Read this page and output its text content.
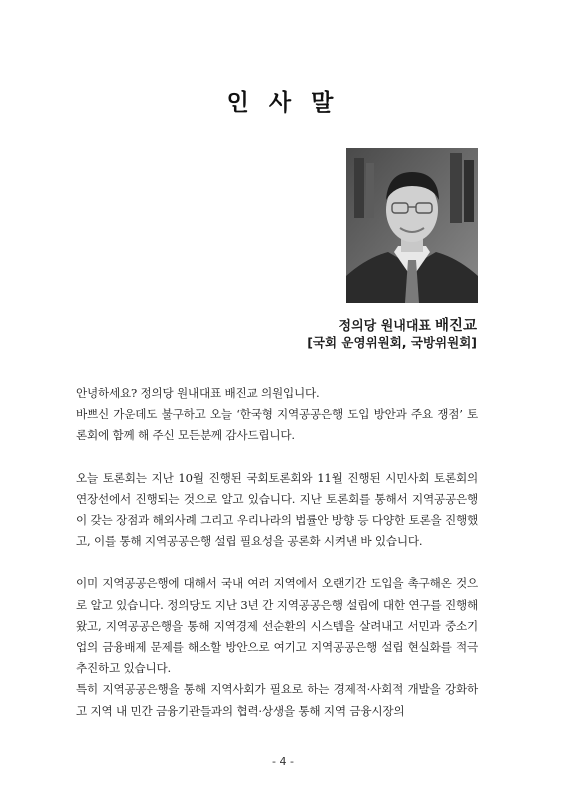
인 사 말
정의당 원내대표 배진교
[국회 운영위원회, 국방위원회]

안녕하세요? 정의당 원내대표 배진교 의원입니다.

바쁘신 가운데도 불구하고 오늘 ‘한국형 지역공공은행 도입 방안과 주요 쟁점’ 토론회에 함께 해 주신 모든분께 감사드립니다.

오늘 토론회는 지난 10월 진행된 국회토론회와 11월 진행된 시민사회 토론회의 연장선에서 진행되는 것으로 알고 있습니다. 지난 토론회를 통해서 지역공공은행이 갖는 장점과 해외사례 그리고 우리나라의 법률안 방향 등 다양한 토론을 진행했고, 이를 통해 지역공공은행 설립 필요성을 공론화 시켜낸 바 있습니다.

이미 지역공공은행에 대해서 국내 여러 지역에서 오랜기간 도입을 촉구해온 것으로 알고 있습니다. 정의당도 지난 3년 간 지역공공은행 설립에 대한 연구를 진행해왔고, 지역공공은행을 통해 지역경제 선순환의 시스템을 살려내고 서민과 중소기업의 금융배제 문제를 해소할 방안으로 여기고 지역공공은행 설립 현실화를 적극 추진하고 있습니다.

특히 지역공공은행을 통해 지역사회가 필요로 하는 경제적·사회적 개발을 강화하고 지역 내 민간 금융기관들과의 협력·상생을 통해 지역 금융시장의

- 4 -
